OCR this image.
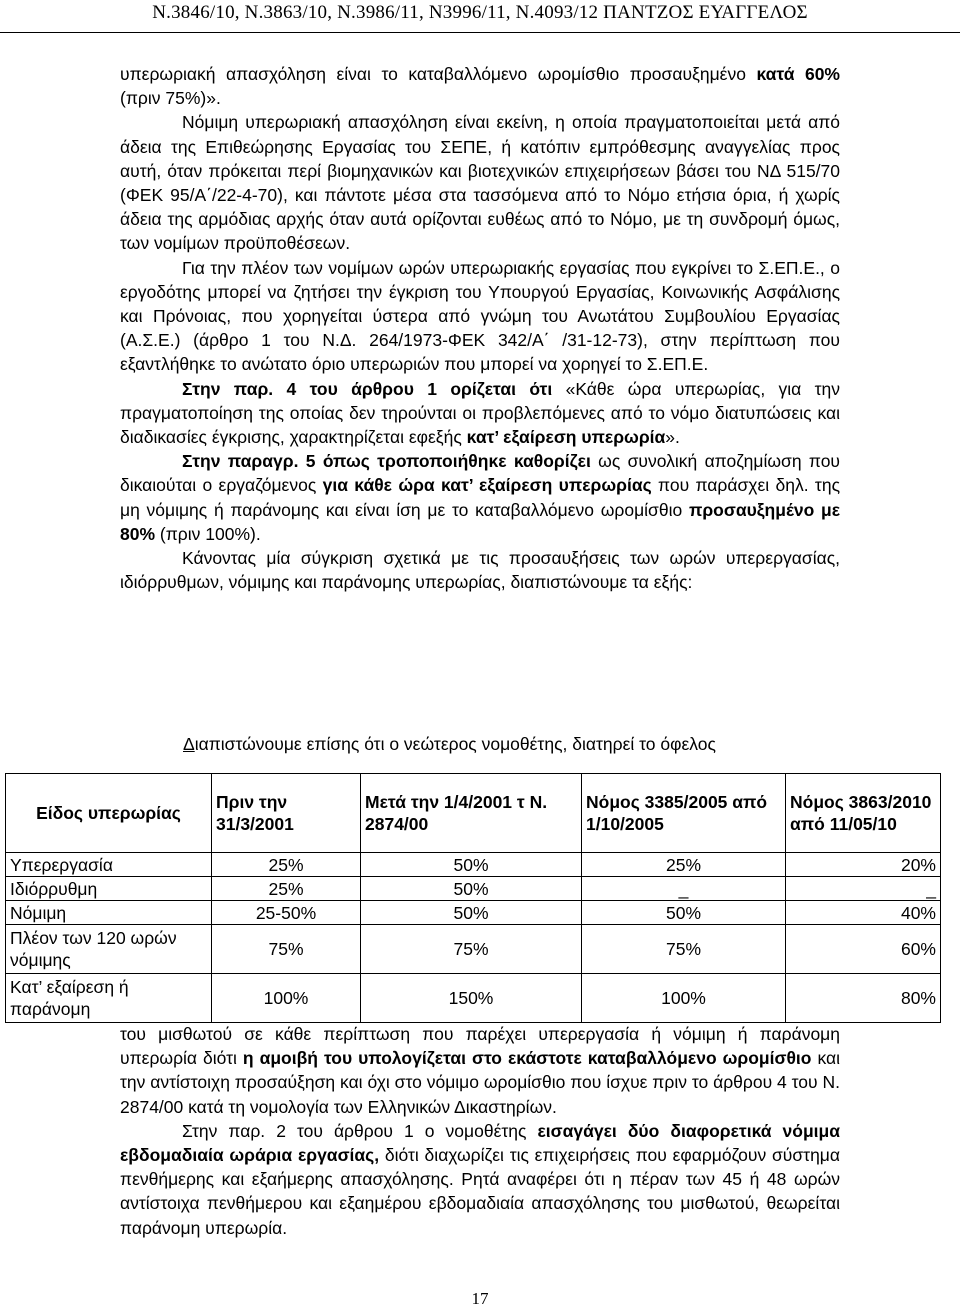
Ν.3846/10, Ν.3863/10, Ν.3986/11, Ν3996/11, Ν.4093/12 ΠΑΝΤΖΟΣ ΕΥΑΓΓΕΛΟΣ

υπερωριακή απασχόληση είναι το καταβαλλόμενο ωρομίσθιο προσαυξημένο κατά 60% (πριν 75%)».

Νόμιμη υπερωριακή απασχόληση είναι εκείνη, η οποία πραγματοποιείται μετά από άδεια της Επιθεώρησης Εργασίας του ΣΕΠΕ, ή κατόπιν εμπρόθεσμης αναγγελίας προς αυτή, όταν πρόκειται περί βιομηχανικών και βιοτεχνικών επιχειρήσεων βάσει του ΝΔ 515/70 (ΦΕΚ 95/Α΄/22-4-70), και πάντοτε μέσα στα τασσόμενα από το Νόμο ετήσια όρια, ή χωρίς άδεια της αρμόδιας αρχής όταν αυτά ορίζονται ευθέως από το Νόμο, με τη συνδρομή όμως, των νομίμων προϋποθέσεων.

Για την πλέον των νομίμων ωρών υπερωριακής εργασίας που εγκρίνει το Σ.ΕΠ.Ε., ο εργοδότης μπορεί να ζητήσει την έγκριση του Υπουργού Εργασίας, Κοινωνικής Ασφάλισης και Πρόνοιας, που χορηγείται ύστερα από γνώμη του Ανωτάτου Συμβουλίου Εργασίας (Α.Σ.Ε.) (άρθρο 1 του Ν.Δ. 264/1973-ΦΕΚ 342/Α΄ /31-12-73), στην περίπτωση που εξαντλήθηκε το ανώτατο όριο υπερωριών που μπορεί να χορηγεί το Σ.ΕΠ.Ε.

Στην παρ. 4 του άρθρου 1 ορίζεται ότι «Κάθε ώρα υπερωρίας, για την πραγματοποίηση της οποίας δεν τηρούνται οι προβλεπόμενες από το νόμο διατυπώσεις και διαδικασίες έγκρισης, χαρακτηρίζεται εφεξής κατ’ εξαίρεση υπερωρία».

Στην παραγρ. 5 όπως τροποποιήθηκε καθορίζει ως συνολική αποζημίωση που δικαιούται ο εργαζόμενος για κάθε ώρα κατ’ εξαίρεση υπερωρίας που παράσχει δηλ. της μη νόμιμης ή παράνομης και είναι ίση με το καταβαλλόμενο ωρομίσθιο προσαυξημένο με 80% (πριν 100%).

Κάνοντας μία σύγκριση σχετικά με τις προσαυξήσεις των ωρών υπερεργασίας, ιδιόρρυθμων, νόμιμης και παράνομης υπερωρίας, διαπιστώνουμε τα εξής:

Διαπιστώνουμε επίσης ότι ο νεώτερος νομοθέτης, διατηρεί το όφελος
Είδος υπερωρίας	Πριν την 31/3/2001	Μετά την 1/4/2001 τ Ν. 2874/00	Νόμος 3385/2005 από 1/10/2005	Νόμος 3863/2010 από 11/05/10
Υπερεργασία	25%	50%	25%	20%
Ιδιόρρυθμη	25%	50%	_	_
Νόμιμη	25-50%	50%	50%	40%
Πλέον των 120 ωρών νόμιμης	75%	75%	75%	60%
Κατ’ εξαίρεση ή παράνομη	100%	150%	100%	80%

του μισθωτού σε κάθε περίπτωση που παρέχει υπερεργασία ή νόμιμη ή παράνομη υπερωρία διότι η αμοιβή του υπολογίζεται στο εκάστοτε καταβαλλόμενο ωρομίσθιο και την αντίστοιχη προσαύξηση και όχι στο νόμιμο ωρομίσθιο που ίσχυε πριν το άρθρου 4 του Ν. 2874/00 κατά τη νομολογία των Ελληνικών Δικαστηρίων.

Στην παρ. 2 του άρθρου 1 ο νομοθέτης εισαγάγει δύο διαφορετικά νόμιμα εβδομαδιαία ωράρια εργασίας, διότι διαχωρίζει τις επιχειρήσεις που εφαρμόζουν σύστημα πενθήμερης και εξαήμερης απασχόλησης. Ρητά αναφέρει ότι η πέραν των 45 ή 48 ωρών αντίστοιχα πενθήμερου και εξαημέρου εβδομαδιαία απασχόλησης του μισθωτού, θεωρείται παράνομη υπερωρία.

17
